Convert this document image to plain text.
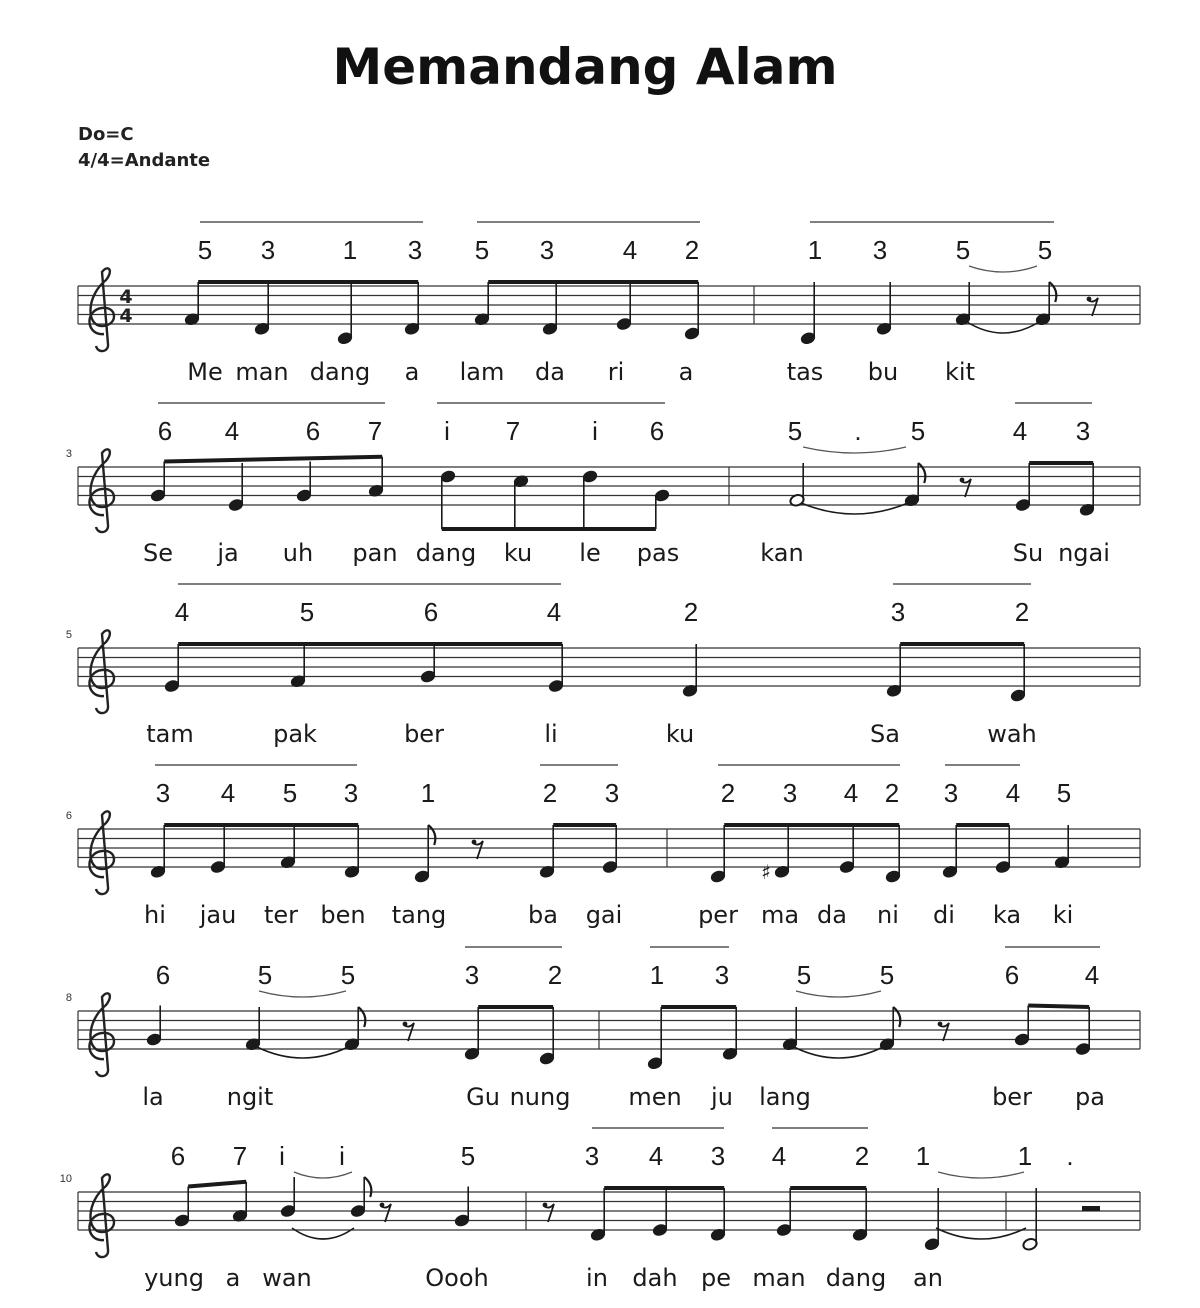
Memandang Alam
Do=C
4/4=Andante
5 3	1 3 5 3	4 2	1 3	5	5
4
4
Me man dang a lam da ri a	tas bu kit
6 4	6 7 i 7	i 6	5 . 5	4 3
3
Se ja uh pan dang ku le pas	kan	Su ngai
4	5	6	4	2	3	2
5
tam	pak	ber	li	ku	Sa	wah
3 4 5 3 1	2 3	2 3 4 2 3 4 5
6
♯
hi jau ter ben tang	ba gai	per ma da ni di ka ki
6	5	5	3	2	1 3	5	5	6	4
8
la	ngit	Gu nung men ju lang	ber pa
6 7 i i	5	3 4 3 4	2 1	1 .
10
yung a wan	Oooh	in dah pe man dang an
